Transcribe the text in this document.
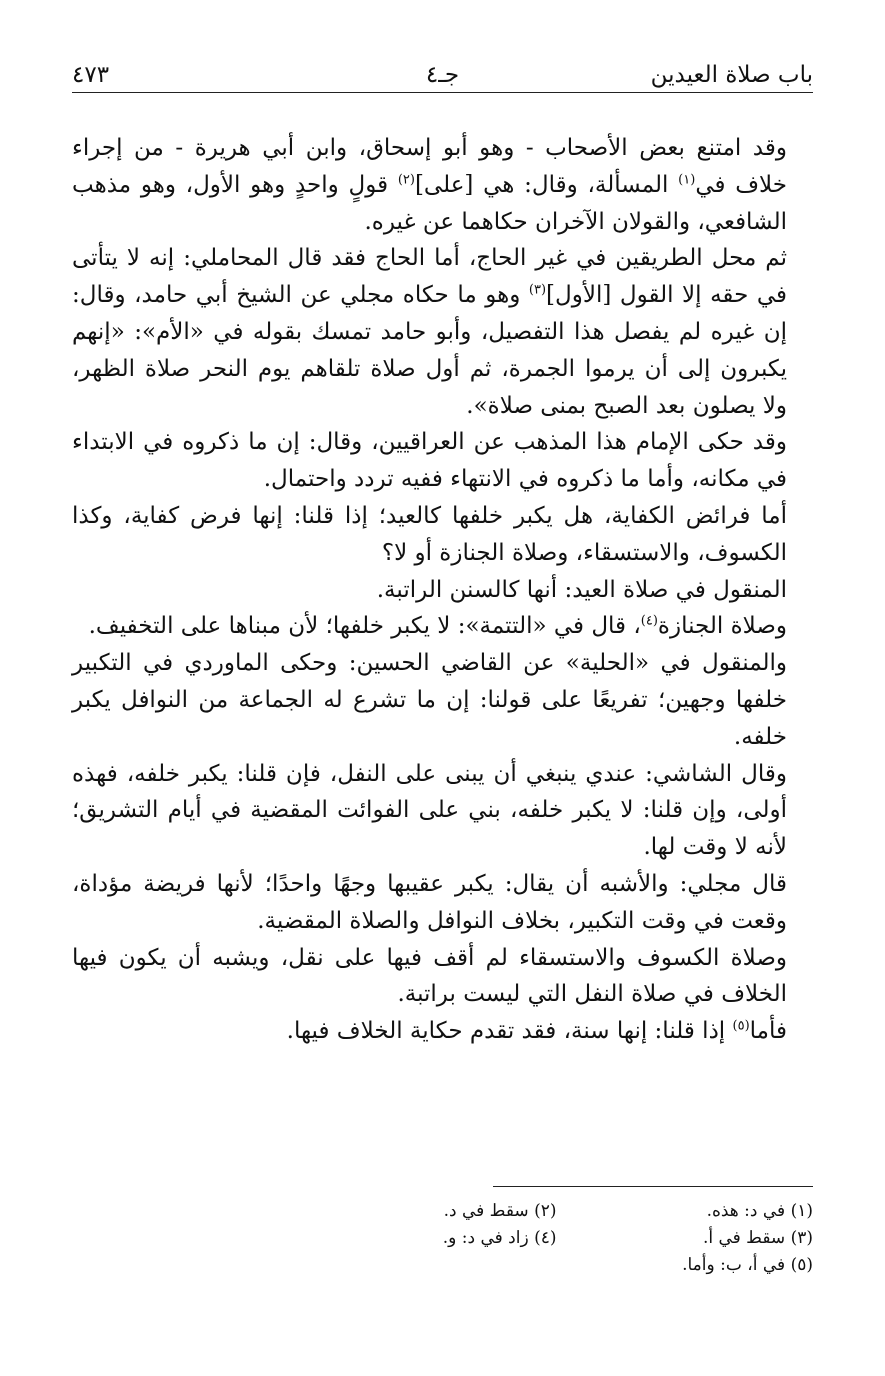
باب صلاة العيدين
جـ٤
٤٧٣

وقد امتنع بعض الأصحاب - وهو أبو إسحاق، وابن أبي هريرة - من إجراء خلاف في$^{(١)}$ المسألة، وقال: هي [على]$^{(٢)}$ قولٍ واحدٍ وهو الأول، وهو مذهب الشافعي، والقولان الآخران حكاهما عن غيره.

ثم محل الطريقين في غير الحاج، أما الحاج فقد قال المحاملي: إنه لا يتأتى في حقه إلا القول [الأول]$^{(٣)}$ وهو ما حكاه مجلي عن الشيخ أبي حامد، وقال: إن غيره لم يفصل هذا التفصيل، وأبو حامد تمسك بقوله في «الأم»: «إنهم يكبرون إلى أن يرموا الجمرة، ثم أول صلاة تلقاهم يوم النحر صلاة الظهر، ولا يصلون بعد الصبح بمنى صلاة».

وقد حكى الإمام هذا المذهب عن العراقيين، وقال: إن ما ذكروه في الابتداء في مكانه، وأما ما ذكروه في الانتهاء ففيه تردد واحتمال.

أما فرائض الكفاية، هل يكبر خلفها كالعيد؛ إذا قلنا: إنها فرض كفاية، وكذا الكسوف، والاستسقاء، وصلاة الجنازة أو لا؟

المنقول في صلاة العيد: أنها كالسنن الراتبة.

وصلاة الجنازة$^{(٤)}$، قال في «التتمة»: لا يكبر خلفها؛ لأن مبناها على التخفيف.

والمنقول في «الحلية» عن القاضي الحسين: وحكى الماوردي في التكبير خلفها وجهين؛ تفريعًا على قولنا: إن ما تشرع له الجماعة من النوافل يكبر خلفه.

وقال الشاشي: عندي ينبغي أن يبنى على النفل، فإن قلنا: يكبر خلفه، فهذه أولى، وإن قلنا: لا يكبر خلفه، بني على الفوائت المقضية في أيام التشريق؛ لأنه لا وقت لها.

قال مجلي: والأشبه أن يقال: يكبر عقيبها وجهًا واحدًا؛ لأنها فريضة مؤداة، وقعت في وقت التكبير، بخلاف النوافل والصلاة المقضية.

وصلاة الكسوف والاستسقاء لم أقف فيها على نقل، ويشبه أن يكون فيها الخلاف في صلاة النفل التي ليست براتبة.

فأما$^{(٥)}$ إذا قلنا: إنها سنة، فقد تقدم حكاية الخلاف فيها.

(١) في د: هذه.
(٢) سقط في د.
(٣) سقط في أ.
(٤) زاد في د: و.
(٥) في أ، ب: وأما.
